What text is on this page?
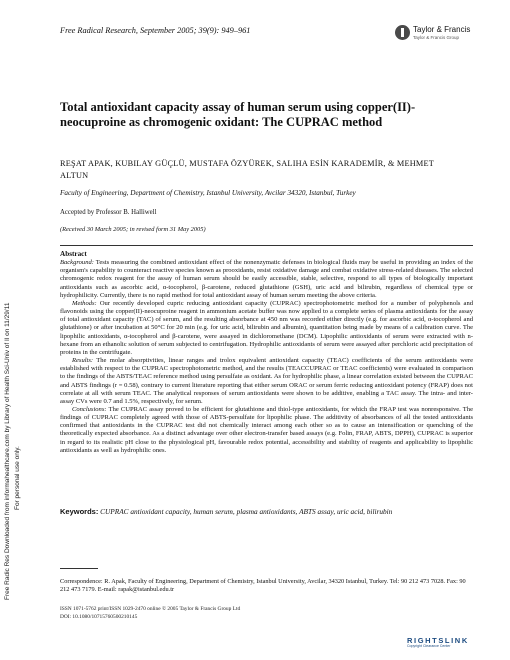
Free Radical Research, September 2005; 39(9): 949–961	Taylor & Francis
Taylor & Francis Group
Free Radic Res Downloaded from informahealthcare.com by Library of Health Sci-Univ of Il on 11/29/11 For personal use only.
Total antioxidant capacity assay of human serum using copper(II)-neocuproine as chromogenic oxidant: The CUPRAC method
REŞAT APAK, KUBILAY GÜÇLÜ, MUSTAFA ÖZYÜREK, SALIHA ESİN KARADEMİR, & MEHMET ALTUN
Faculty of Engineering, Department of Chemistry, Istanbul University, Avcilar 34320, Istanbul, Turkey
Accepted by Professor B. Halliwell
(Received 30 March 2005; in revised form 31 May 2005)
Abstract

Background: Tests measuring the combined antioxidant effect of the nonenzymatic defenses in biological fluids may be useful in providing an index of the organism's capability to counteract reactive species known as prooxidants, resist oxidative damage and combat oxidative stress-related diseases. The selected chromogenic redox reagent for the assay of human serum should be easily accessible, stable, selective, respond to all types of biologically important antioxidants such as ascorbic acid, α-tocopherol, β-carotene, reduced glutathione (GSH), uric acid and bilirubin, regardless of chemical type or hydrophilicity. Currently, there is no rapid method for total antioxidant assay of human serum meeting the above criteria.

Methods: Our recently developed cupric reducing antioxidant capacity (CUPRAC) spectrophotometric method for a number of polyphenols and flavonoids using the copper(II)-neocuproine reagent in ammonium acetate buffer was now applied to a complete series of plasma antioxidants for the assay of total antioxidant capacity (TAC) of serum, and the resulting absorbance at 450 nm was recorded either directly (e.g. for ascorbic acid, α-tocopherol and glutathione) or after incubation at 50°C for 20 min (e.g. for uric acid, bilirubin and albumin), quantitation being made by means of a calibration curve. The lipophilic antioxidants, α-tocopherol and β-carotene, were assayed in dichloromethane (DCM). Lipophilic antioxidants of serum were extracted with n-hexane from an ethanolic solution of serum subjected to centrifugation. Hydrophilic antioxidants of serum were assayed after perchloric acid precipitation of proteins in the centrifugate.

Results: The molar absorptivities, linear ranges and trolox equivalent antioxidant capacity (TEAC) coefficients of the serum antioxidants were established with respect to the CUPRAC spectrophotometric method, and the results (TEACCUPRAC or TEAC coefficients) were evaluated in comparison to the findings of the ABTS/TEAC reference method using persulfate as oxidant. As for hydrophilic phase, a linear correlation existed between the CUPRAC and ABTS findings (r = 0.58), contrary to current literature reporting that either serum ORAC or serum ferric reducing antioxidant potency (FRAP) does not correlate at all with serum TEAC. The analytical responses of serum antioxidants were shown to be additive, enabling a TAC assay. The intra- and inter-assay CVs were 0.7 and 1.5%, respectively, for serum.

Conclusions: The CUPRAC assay proved to be efficient for glutathione and thiol-type antioxidants, for which the FRAP test was nonresponsive. The findings of CUPRAC completely agreed with those of ABTS-persulfate for lipophilic phase. The additivity of absorbances of all the tested antioxidants confirmed that antioxidants in the CUPRAC test did not chemically interact among each other so as to cause an intensification or quenching of the theoretically expected absorbance. As a distinct advantage over other electron-transfer based assays (e.g. Folin, FRAP, ABTS, DPPH), CUPRAC is superior in regard to its realistic pH close to the physiological pH, favourable redox potential, accessibility and stability of reagents and applicability to lipophilic antioxidants as well as hydrophilic ones.

Keywords: CUPRAC antioxidant capacity, human serum, plasma antioxidants, ABTS assay, uric acid, bilirubin
Correspondence: R. Apak, Faculty of Engineering, Department of Chemistry, Istanbul University, Avcilar, 34320 Istanbul, Turkey. Tel: 90 212 473 7028. Fax: 90 212 473 7179. E-mail: rapak@istanbul.edu.tr
ISSN 1071-5762 print/ISSN 1029-2470 online © 2005 Taylor & Francis Group Ltd
DOI: 10.1080/10715760500210145
RIGHTSLINK
Copyright Clearance Center
